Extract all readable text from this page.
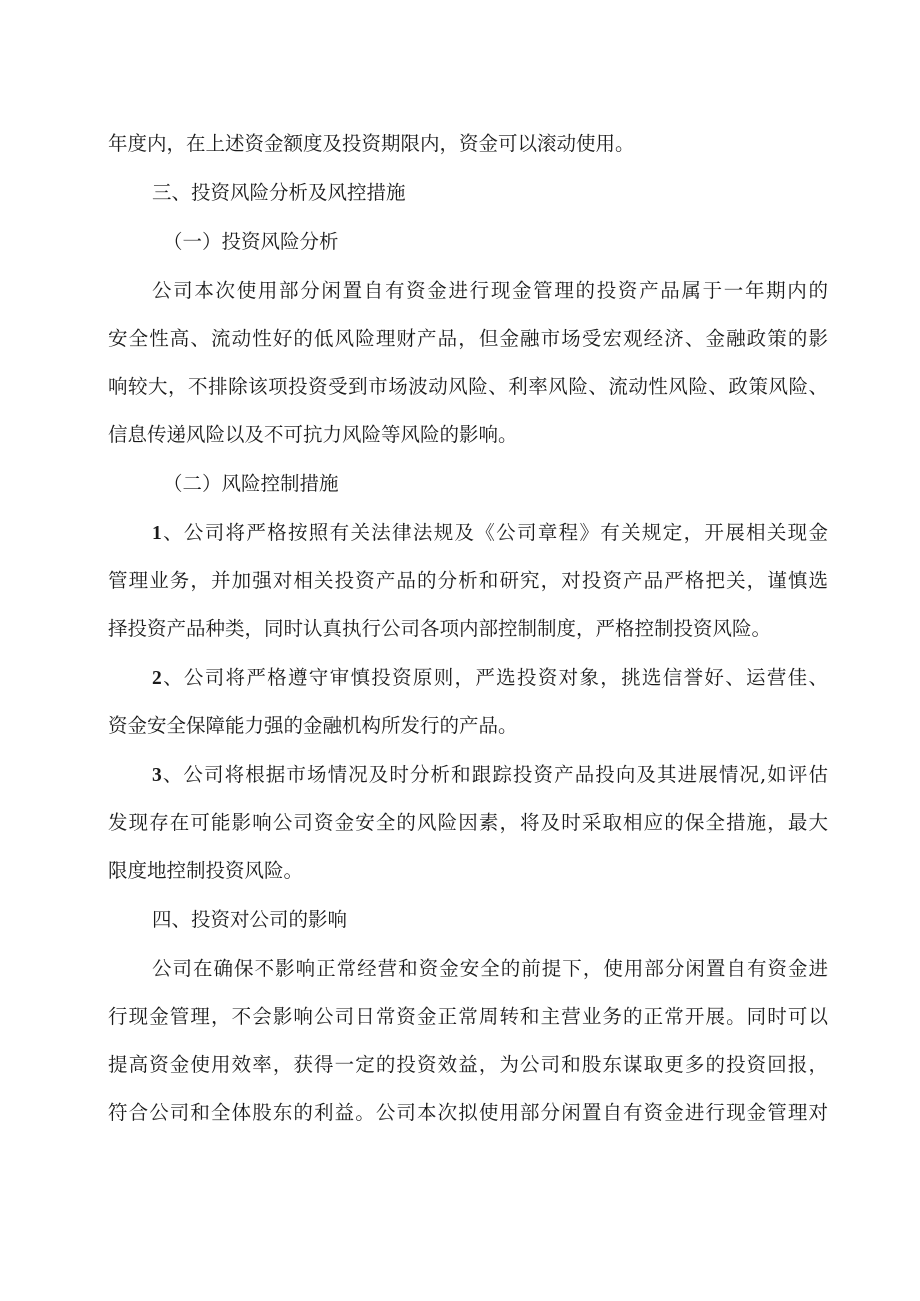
年度内，在上述资金额度及投资期限内，资金可以滚动使用。
三、投资风险分析及风控措施
（一）投资风险分析
公司本次使用部分闲置自有资金进行现金管理的投资产品属于一年期内的
安全性高、流动性好的低风险理财产品，但金融市场受宏观经济、金融政策的影
响较大，不排除该项投资受到市场波动风险、利率风险、流动性风险、政策风险、
信息传递风险以及不可抗力风险等风险的影响。
（二）风险控制措施
1、公司将严格按照有关法律法规及《公司章程》有关规定，开展相关现金
管理业务，并加强对相关投资产品的分析和研究，对投资产品严格把关，谨慎选
择投资产品种类，同时认真执行公司各项内部控制制度，严格控制投资风险。
2、公司将严格遵守审慎投资原则，严选投资对象，挑选信誉好、运营佳、
资金安全保障能力强的金融机构所发行的产品。
3、公司将根据市场情况及时分析和跟踪投资产品投向及其进展情况,如评估
发现存在可能影响公司资金安全的风险因素，将及时采取相应的保全措施，最大
限度地控制投资风险。
四、投资对公司的影响
公司在确保不影响正常经营和资金安全的前提下，使用部分闲置自有资金进
行现金管理，不会影响公司日常资金正常周转和主营业务的正常开展。同时可以
提高资金使用效率，获得一定的投资效益，为公司和股东谋取更多的投资回报，
符合公司和全体股东的利益。公司本次拟使用部分闲置自有资金进行现金管理对
